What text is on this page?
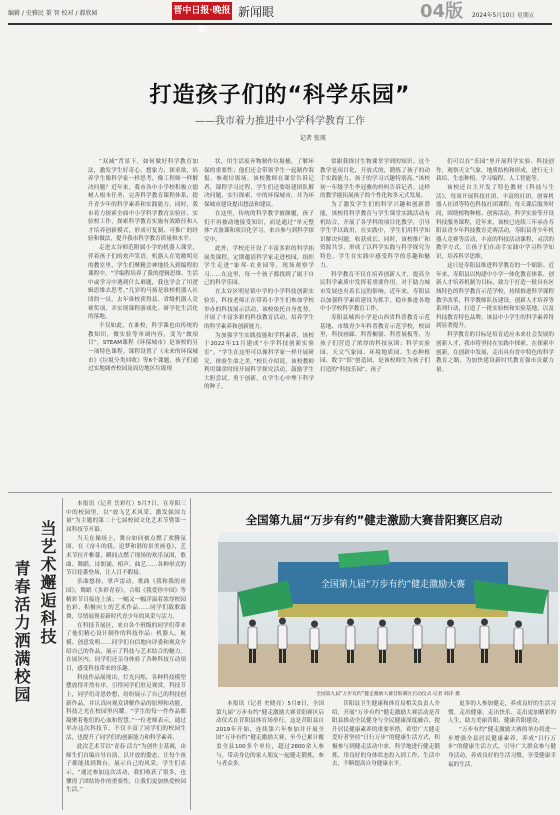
编辑 / 史雅民 董 智 校对 / 郝欣园	晋中日报·晚报版
新闻眼	04版	2024年5月10日 星期五
打造孩子们的“科学乐园”
——我市着力推进中小学科学教育工作
记者 张瑛

“双减”背景下，如何做好科学教育加法，激发学生好奇心、想象力、探求欲，培养学生像科学家一样思考、像工程师一样解决问题？近年来，我市各中小学校积极立德树人根本任务，完善科学教育课程体系，提升青少年的科学素养和实践能力。同时，我市着力探索全面中小学科学教育实验区、实验校工作，探索科学教育实施有效路径和人才培养创新模式，形成可复制、可推广的经验和做法，提升我市科学教育质量和水平。

走进太谷师范附属小学的机器人课堂，伴着孩子们的欢声笑语，机器人在宽敞明亮的教室里，学生们聚精会神地投入到编程的课程中。“学编程培养了我的逻辑思维。生活中或学习中遇到什么难题，我也学会了用逻辑思维去思考。”几岁的马扬是谁校机器人社团的一员，去年谁校获得县、省级机器人竞赛奖项，并实现课程游戏化、研学化生活化的落地。

不仅如此，在谁校，科学课也由传统的教知识，做实验等单调内容，变为“做项目”。STEAM课程《环保城市》是该校的另一项特色课程。课程设置了《未来的环保城市》《垃圾分类回收》等6个课题，孩子们通过实地调查校园及周边地区垃圾现

状，用生活废弃物制作垃圾桶，了解环保的重要性；他们还会带领学生一起制作海报、参观垃圾场。该校教师在课堂告诉记者，课程学习过程，学生们还要组建团队解决问题，实行探索，中的环保城市，并为环保城市建设提出想法和建议。

在这里，传统的科学教学被颠覆，孩子们不再被动地接受知识，而是通过“单元整体”式备课和项目化学习，来自参与到科学探究中。

此外，学校还开设了丰富多彩的科学拓展类课程，定期邀请科学家走进校园，组织学生走进“象邦·农业园等，现场观察学习……在这里，每一个孩子都找到了属于自己的科学乐园。

在太谷区明星镇中学的小学科技创新实验室，科技老师正在带着小学生们参加学校举办的科技展示活动，该校依托自身优势，开展了丰富多彩的科技教育活动，培养学生的科学素养和创新能力。

为加强学生实践技能和学科素养，该校于2022年11月建成“小学科技创新实验室”。“学生在这里可以像科学家一样开展研究，体验生命之美。”校长介绍说，该校教师利用课余时间开展科学探究活动，鼓励学生大胆尝试、勇于创新，在学生心中埋下科学的种子。

常跟我探讨生物课堂学到的知识。这个教学是项目化，开放式的，锻炼了孩子的动手实践能力。孩子的学习兴趣特别高。”该校初一年级学生李冠雅的妈妈告诉记者。这样的教学能拓展孩子的个性化和多元式发展。

为了激发学生们的科学兴趣和创新潜能，该校将科学教育与学生课堂实践活动有机结合，开展了各学科的项目化教学，引导学生学以致用，在实践中，学生们用科学知识解决问题，收获成长。同时，该校推广和资源共享，形成了以科学实践与科学探究为特色，学生在实践中感受科学的乐趣和魅力。

科学教育不仅在培养创新人才，提高全民科学素质中发挥着重要作用，对于助力城市发展也有着长远的影响。近年来，寿阳县以加强科学素质建设为抓手，稳步推进各地中小学校科学教育工作。

寿阳县城西小学是山西省科普教育示范基地、市级青少年科普教育示范学校，校园里，科技画廊、科普橱窗、科普展板等，为孩子们营造了浓厚的科技氛围；科学实验园、天文气象园、环境地质园、生态种植园、数字“馆”创造园，是该校师生为孩子们打造的“科技乐园”。孩子

们可以在“乐园”里开展科学实验、科技创作，观察天文气象，地质结构和形成，进行无土栽培、生态种植，学习编程、人工智能等。

该校还自主开发了特色教材《科技与生活》，每周开展科技社团、丰富的社团、创客机器人社团等特色科技社团课程；每天课后服务时间，围绕植物种植、创客活动、科学实验等开设科技服务课程，近年来，该校已连续三年承办寿阳县青少年科技教育竞赛活动，寿阳县青少年机器人竞赛等活动，丰富的科技活动课程、灵活的教学方式，让孩子们在动手实践中学习科学知识，培养科学思维。

这只是寿阳县推进科学教育的一个缩影。近年来，寿阳县以构建中小学一体化教育体系、创新人才培养机制为目标，致力于打造一批具有区域特色的科学教育示范学校，持续推进科学课程教学改革，科学教师队伍建设，创新人才培养等系列行动，打造了一批实验校和实验基地，以及科技教育特色品牌，该县中小学生的科学素养得到显著提升。

科学教育的目标是培育适应未来社会发展的创新人才，我市将坚持在实践中探索、在探索中创新，在创新中发展，走出具有晋中特色的科学教育之路，为加快建设新时代教育强市贡献力量。

当艺术邂逅科技
青春活力洒满校园

本报讯（记者 岳彩红）5月7日，在寿阳三中的校园里，以“放飞艺术风采、激发强国力量”为主题的第二十七届校园文化艺术节暨第一届科技节开幕。

当天在操场上，舞台如同被点燃了欢腾氛围。在《奋斗的我、追梦和谐的景美画卷》，艺术节拉开帷幕，瞬间点燃了现场的欢乐氛围，歌曲、舞蹈、诗朗诵、相声、曲艺……各种形式的节目轮番登场，让人目不暇接。

乐曲悠扬，掌声雷动。歌曲《我和我的祖国》，舞蹈《多彩青春》，合唱《我爱你中国》等精彩节目接连上演；一幅又一幅洋溢着浓厚校园色彩、积极向上的艺术作品……同学们载歌载舞，尽情展现着新时代青少年的风采与活力。

在科技节展区，来自各个班级的同学们带来了他们精心设计制作的科技作品：机器人、航模、创意发明……同学们自信地向评委和观众介绍自己的作品，展示了科技与艺术结合的魅力。在展区内，同学们还亲身体验了各种科技互动项目，感受科技带来的乐趣。

科技作品展现出，灯光闪烁，各种科技模型摆放得井然有序，引得同学们驻足观赏。科技节上，同学们奇思妙想，纷纷展示了自己的科技创新作品，并认真向观众讲解作品的原理和功能，科技之光在校园里闪耀。“学生的每一件作品都凝聚着他们的心血和智慧。”一位老师表示，通过举办这次科技节，不仅丰富了同学们的校园生活，也提升了同学们的创新能力和科学素养。

此次艺术节以“青春·活力”为创作主基调，由师生们自编自导自演，以开放的姿态，让每个孩子都能找到舞台，展示自己的风采。学生们表示，“通过参加这次活动，我们收获了很多，也懂得了团结协作的重要性，让我们更加热爱校园生活。”

全国第九届“万步有约”健走激励大赛昔阳赛区启动
全国第九届“万步有约”健走激励大赛
全国第九届“万步有约”健走激励大赛昔阳赛区启动仪式 记者 韩洋 摄

本报讯（记者 史晓亮）5月8日，全国第九届“万步有约”健走激励大赛昔阳赛区启动仪式在昔阳县体育场举行。这是昔阳县自2019年开始，连续第六年参加并开展全国“万步有约”健走激励大赛，至今已累计覆盖全县100多个单位，超过2600余人参与，带动身边的家人朋友一起健走锻炼，参与者众多。

昔阳县卫生健康和体育局相关负责人介绍，开展“万步有约”健走激励大赛活动是昔阳县推动全民健身与全民健康深度融合，提升居民健康素养的重要举措。希望广大健走爱好者坚持“日行万步”的健康生活方式，积极参与到健走活动中来，科学地进行健走锻炼，用良好的身体状态投入到工作、生活中去，不断提高自身健康水平。

更多的人参加健走，养成良好的生活习惯，走出健康、走出快乐、走出更加精彩的人生，助力美丽昔阳、健康昔阳建设。

“万步有约”健走激励大赛的举办将进一步增强全县居民健康素养，养成“日行万步”的健康生活方式，引导广大群众参与健身活动，养成良好的生活习惯，享受健康幸福的生活。
